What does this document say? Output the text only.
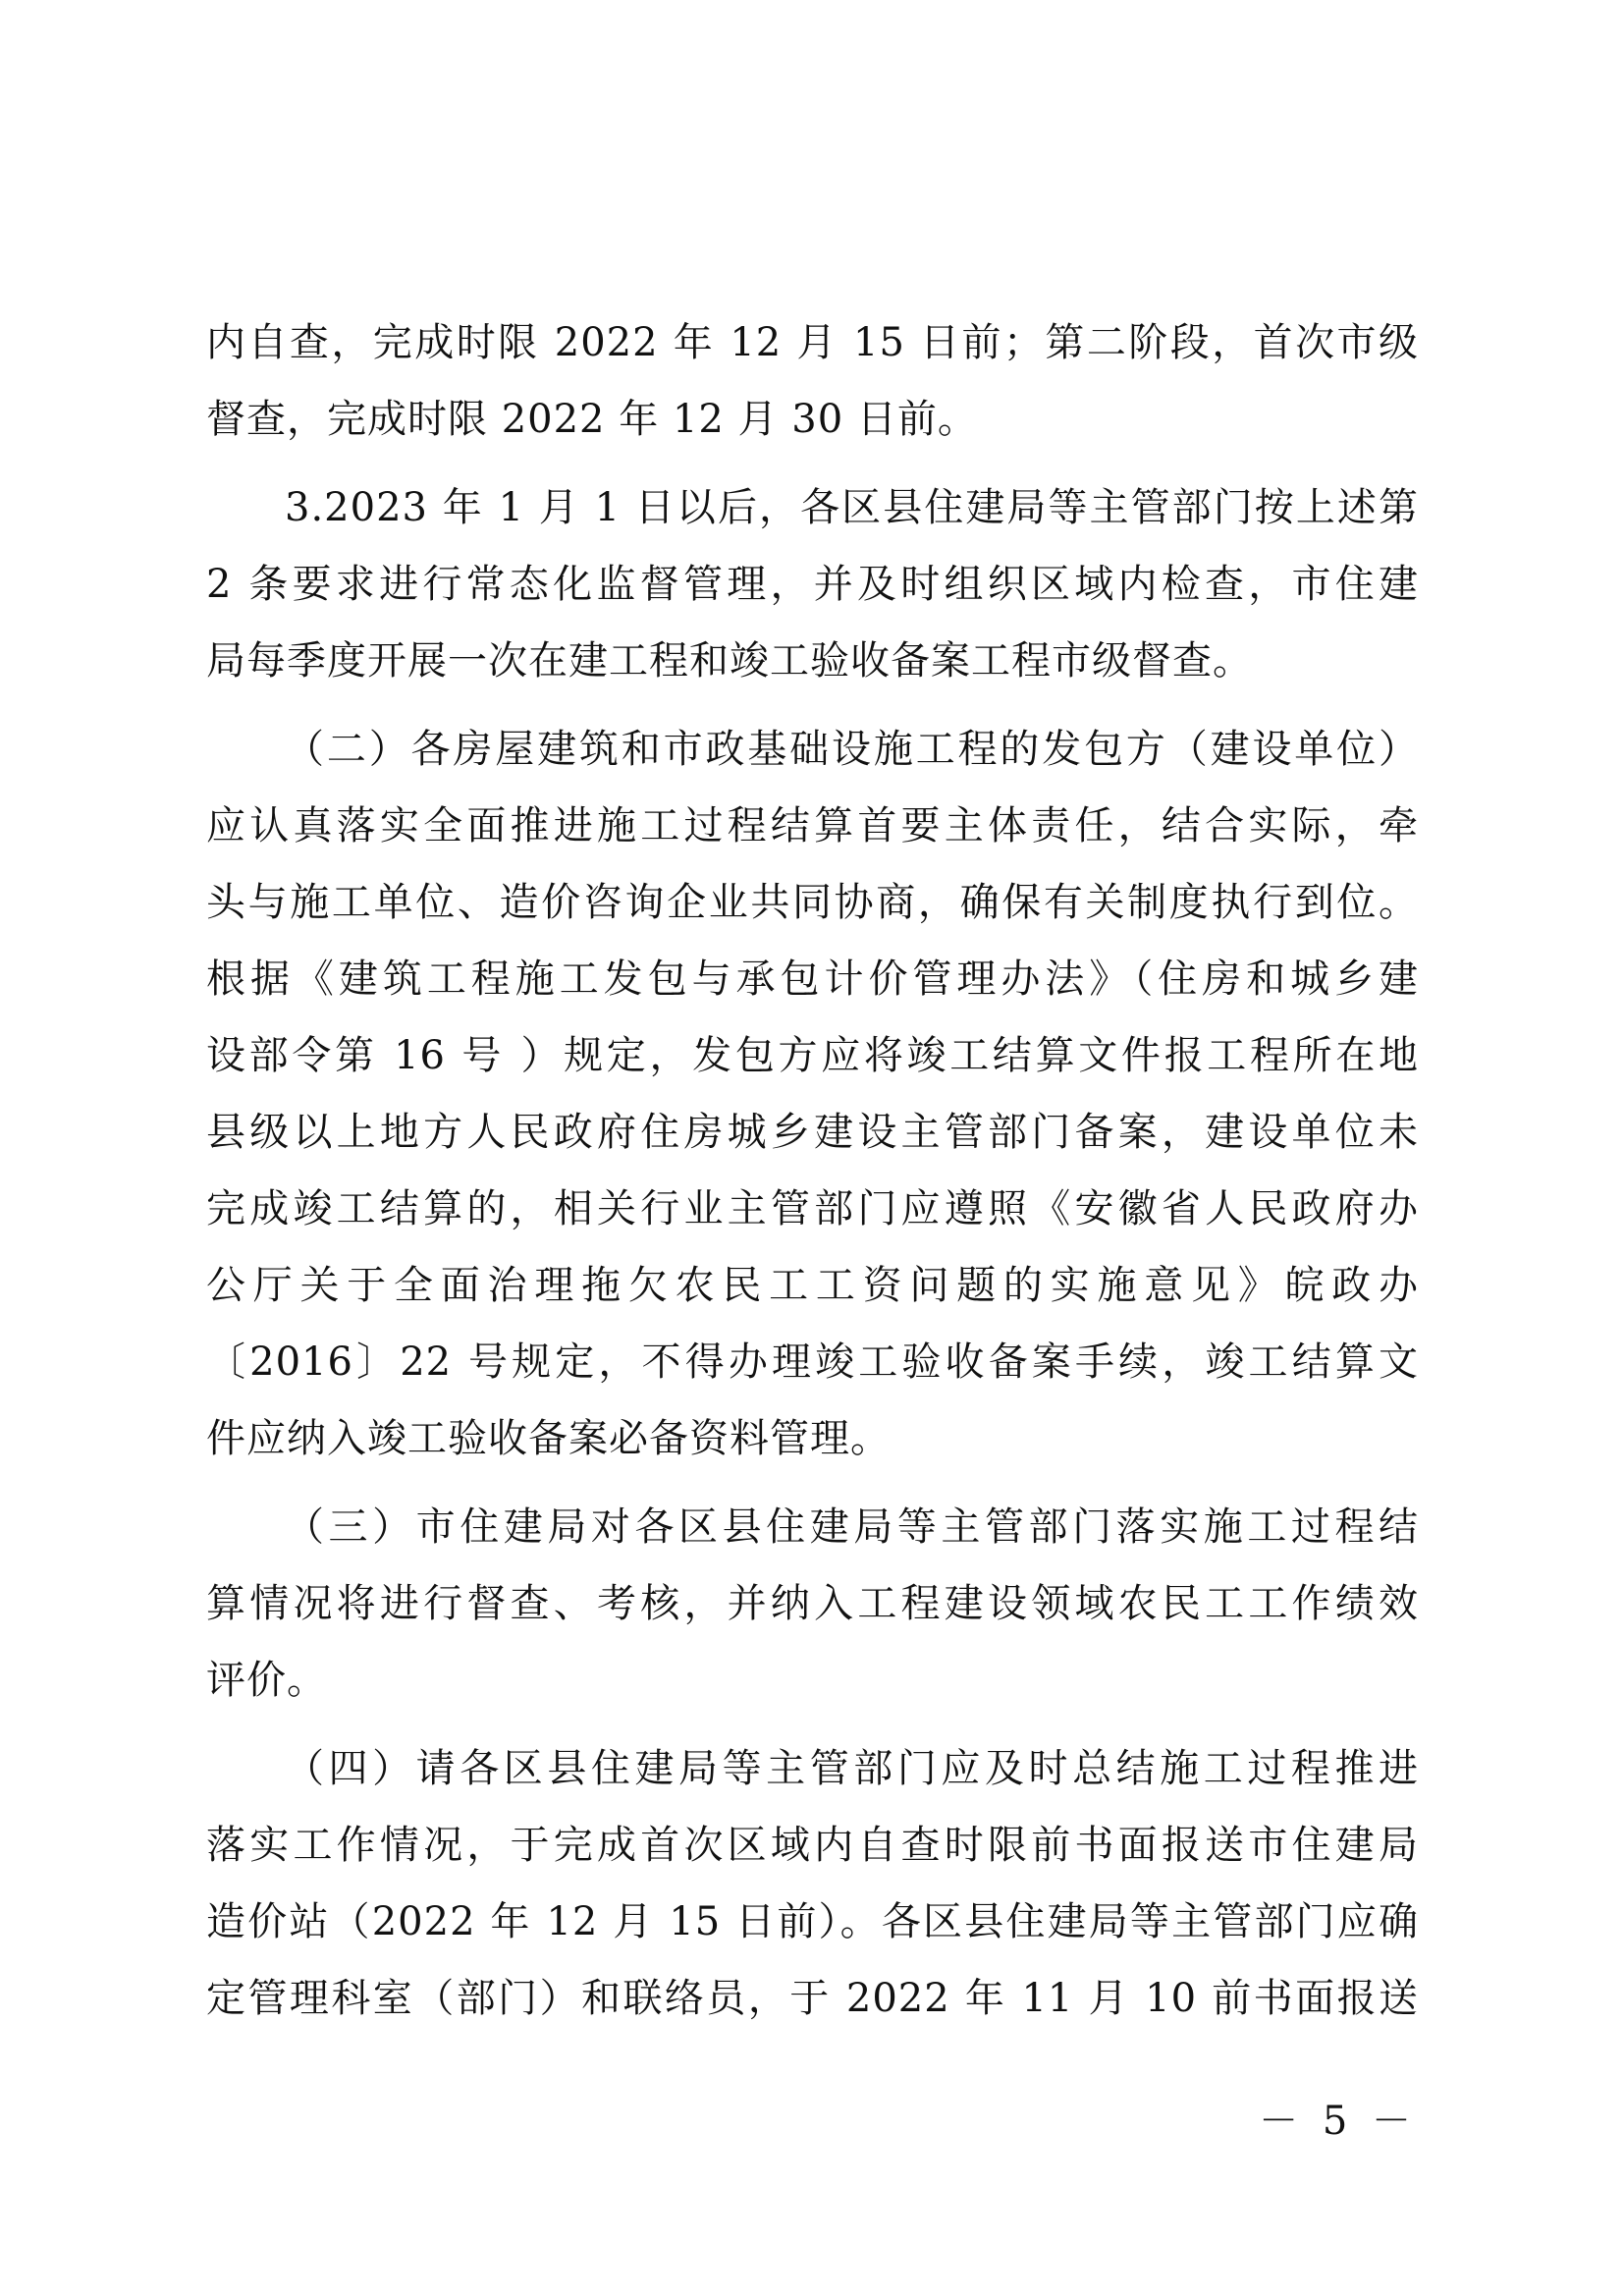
内自查，完成时限 2022 年 12 月 15 日前；第二阶段，首次市级
督查，完成时限 2022 年 12 月 30 日前。
3.2023 年 1 月 1 日以后，各区县住建局等主管部门按上述第
2 条要求进行常态化监督管理，并及时组织区域内检查，市住建
局每季度开展一次在建工程和竣工验收备案工程市级督查。
（二）各房屋建筑和市政基础设施工程的发包方（建设单位）
应认真落实全面推进施工过程结算首要主体责任，结合实际，牵
头与施工单位、造价咨询企业共同协商，确保有关制度执行到位。
根据《建筑工程施工发包与承包计价管理办法》（住房和城乡建
设部令第 16 号 ）规定，发包方应将竣工结算文件报工程所在地
县级以上地方人民政府住房城乡建设主管部门备案，建设单位未
完成竣工结算的，相关行业主管部门应遵照《安徽省人民政府办
公厅关于全面治理拖欠农民工工资问题的实施意见》皖政办
〔2016〕22 号规定，不得办理竣工验收备案手续，竣工结算文
件应纳入竣工验收备案必备资料管理。
（三）市住建局对各区县住建局等主管部门落实施工过程结
算情况将进行督查、考核，并纳入工程建设领域农民工工作绩效
评价。
（四）请各区县住建局等主管部门应及时总结施工过程推进
落实工作情况，于完成首次区域内自查时限前书面报送市住建局
造价站（2022 年 12 月 15 日前）。各区县住建局等主管部门应确
定管理科室（部门）和联络员，于 2022 年 11 月 10 前书面报送
－ 5 －
